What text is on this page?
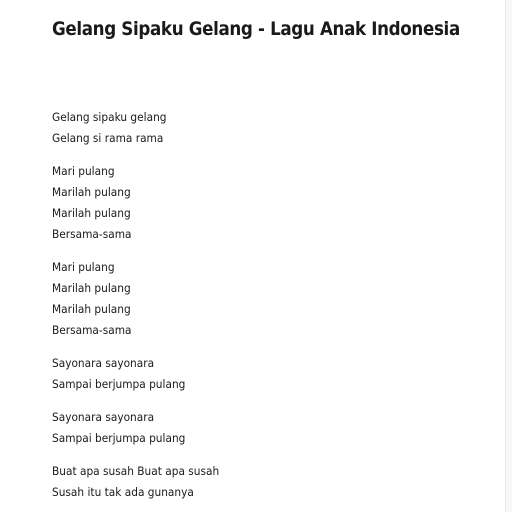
Gelang Sipaku Gelang - Lagu Anak Indonesia

Gelang sipaku gelang
Gelang si rama rama

Mari pulang
Marilah pulang
Marilah pulang
Bersama-sama

Mari pulang
Marilah pulang
Marilah pulang
Bersama-sama

Sayonara sayonara
Sampai berjumpa pulang

Sayonara sayonara
Sampai berjumpa pulang

Buat apa susah Buat apa susah
Susah itu tak ada gunanya
